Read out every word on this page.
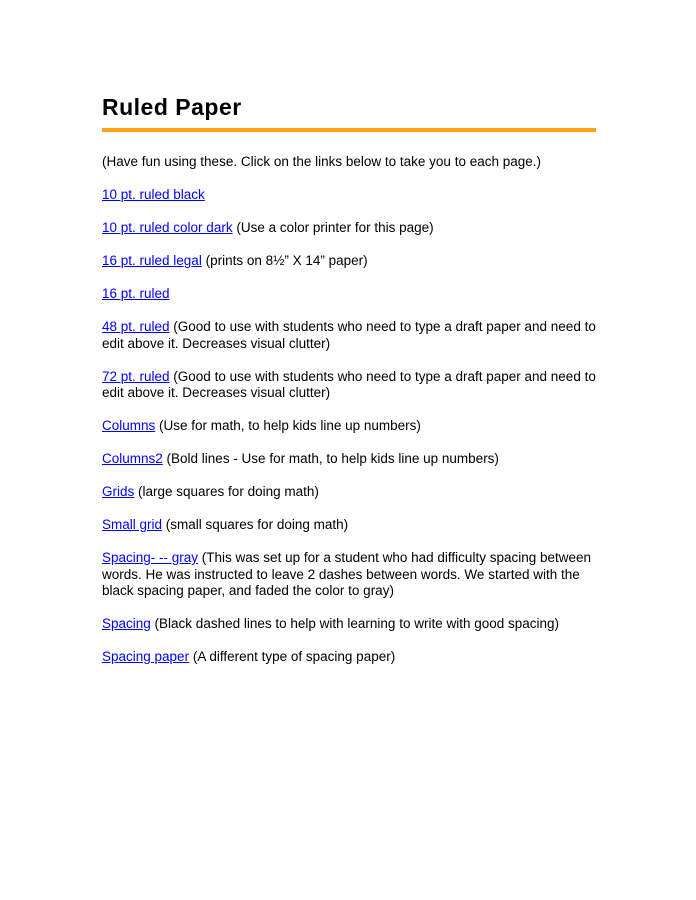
Ruled Paper

(Have fun using these. Click on the links below to take you to each page.)

10 pt. ruled black

10 pt. ruled color dark (Use a color printer for this page)

16 pt. ruled legal (prints on 8½” X 14” paper)

16 pt. ruled

48 pt. ruled (Good to use with students who need to type a draft paper and need to edit above it. Decreases visual clutter)

72 pt. ruled (Good to use with students who need to type a draft paper and need to edit above it. Decreases visual clutter)

Columns (Use for math, to help kids line up numbers)

Columns2 (Bold lines - Use for math, to help kids line up numbers)

Grids (large squares for doing math)

Small grid (small squares for doing math)

Spacing- -- gray (This was set up for a student who had difficulty spacing between words. He was instructed to leave 2 dashes between words. We started with the black spacing paper, and faded the color to gray)

Spacing (Black dashed lines to help with learning to write with good spacing)

Spacing paper (A different type of spacing paper)
